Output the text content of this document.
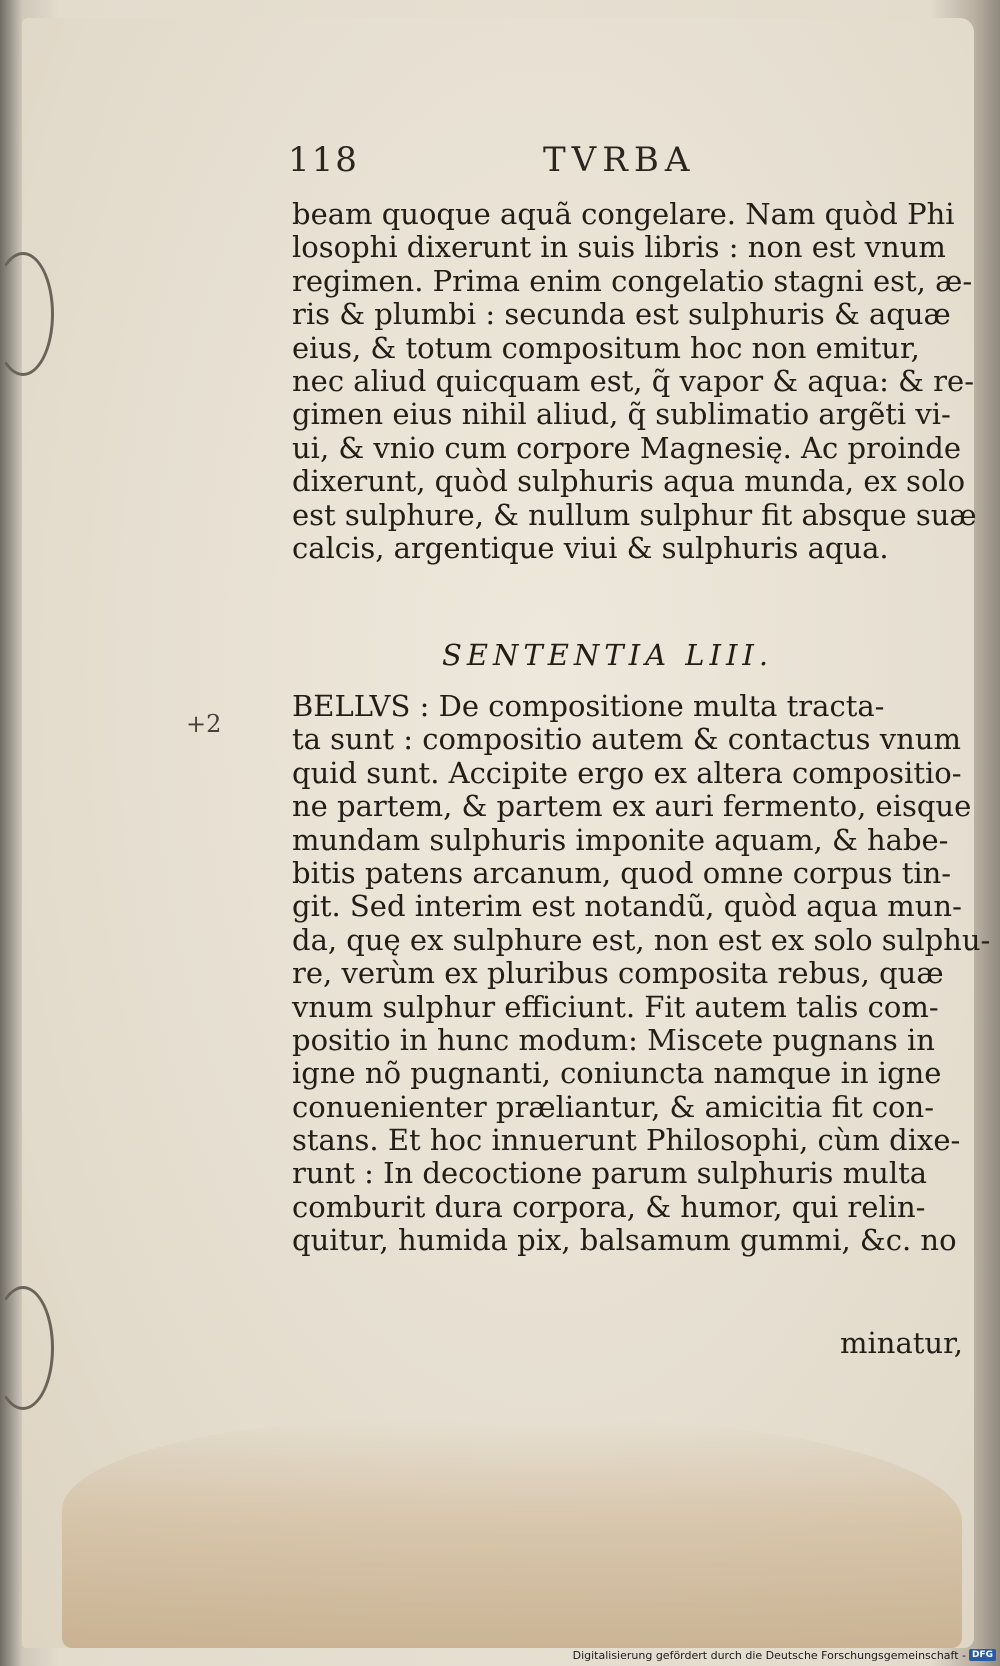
118	TVRBA
beam quoque aquã congelare. Nam quòd Phi
losophi dixerunt in suis libris : non est vnum
regimen. Prima enim congelatio stagni est, æ-
ris & plumbi : secunda est sulphuris & aquæ
eius, & totum compositum hoc non emitur,
nec aliud quicquam est, q̃ vapor & aqua: & re-
gimen eius nihil aliud, q̃ sublimatio argẽti vi-
ui, & vnio cum corpore Magnesię. Ac proinde
dixerunt, quòd sulphuris aqua munda, ex solo
est sulphure, & nullum sulphur fit absque suæ
calcis, argentique viui & sulphuris aqua.
SENTENTIA LIII.
+2
BELLVS : De compositione multa tracta-
ta sunt : compositio autem & contactus vnum
quid sunt. Accipite ergo ex altera compositio-
ne partem, & partem ex auri fermento, eisque
mundam sulphuris imponite aquam, & habe-
bitis patens arcanum, quod omne corpus tin-
git. Sed interim est notandũ, quòd aqua mun-
da, quę ex sulphure est, non est ex solo sulphu-
re, verùm ex pluribus composita rebus, quæ
vnum sulphur efficiunt. Fit autem talis com-
positio in hunc modum: Miscete pugnans in
igne nõ pugnanti, coniuncta namque in igne
conuenienter præliantur, & amicitia fit con-
stans. Et hoc innuerunt Philosophi, cùm dixe-
runt : In decoctione parum sulphuris multa
comburit dura corpora, & humor, qui relin-
quitur, humida pix, balsamum gummi, &c. no
minatur,
Digitalisierung gefördert durch die Deutsche Forschungsgemeinschaft - DFG
